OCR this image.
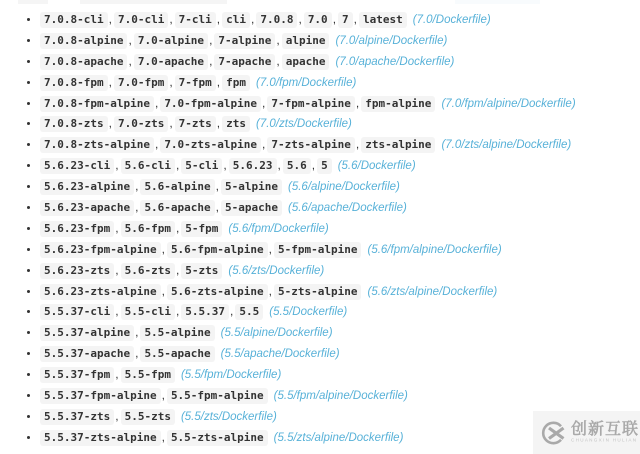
• 7.0.8-cli , 7.0-cli , 7-cli , cli , 7.0.8 , 7.0 , 7 , latest (7.0/Dockerfile)
• 7.0.8-alpine , 7.0-alpine , 7-alpine , alpine (7.0/alpine/Dockerfile)
• 7.0.8-apache , 7.0-apache , 7-apache , apache (7.0/apache/Dockerfile)
• 7.0.8-fpm , 7.0-fpm , 7-fpm , fpm (7.0/fpm/Dockerfile)
• 7.0.8-fpm-alpine , 7.0-fpm-alpine , 7-fpm-alpine , fpm-alpine (7.0/fpm/alpine/Dockerfile)
• 7.0.8-zts , 7.0-zts , 7-zts , zts (7.0/zts/Dockerfile)
• 7.0.8-zts-alpine , 7.0-zts-alpine , 7-zts-alpine , zts-alpine (7.0/zts/alpine/Dockerfile)
• 5.6.23-cli , 5.6-cli , 5-cli , 5.6.23 , 5.6 , 5 (5.6/Dockerfile)
• 5.6.23-alpine , 5.6-alpine , 5-alpine (5.6/alpine/Dockerfile)
• 5.6.23-apache , 5.6-apache , 5-apache (5.6/apache/Dockerfile)
• 5.6.23-fpm , 5.6-fpm , 5-fpm (5.6/fpm/Dockerfile)
• 5.6.23-fpm-alpine , 5.6-fpm-alpine , 5-fpm-alpine (5.6/fpm/alpine/Dockerfile)
• 5.6.23-zts , 5.6-zts , 5-zts (5.6/zts/Dockerfile)
• 5.6.23-zts-alpine , 5.6-zts-alpine , 5-zts-alpine (5.6/zts/alpine/Dockerfile)
• 5.5.37-cli , 5.5-cli , 5.5.37 , 5.5 (5.5/Dockerfile)
• 5.5.37-alpine , 5.5-alpine (5.5/alpine/Dockerfile)
• 5.5.37-apache , 5.5-apache (5.5/apache/Dockerfile)
• 5.5.37-fpm , 5.5-fpm (5.5/fpm/Dockerfile)
• 5.5.37-fpm-alpine , 5.5-fpm-alpine (5.5/fpm/alpine/Dockerfile)
• 5.5.37-zts , 5.5-zts (5.5/zts/Dockerfile)
• 5.5.37-zts-alpine , 5.5-zts-alpine (5.5/zts/alpine/Dockerfile)	创新互联
CHUANGXIN HULIAN
